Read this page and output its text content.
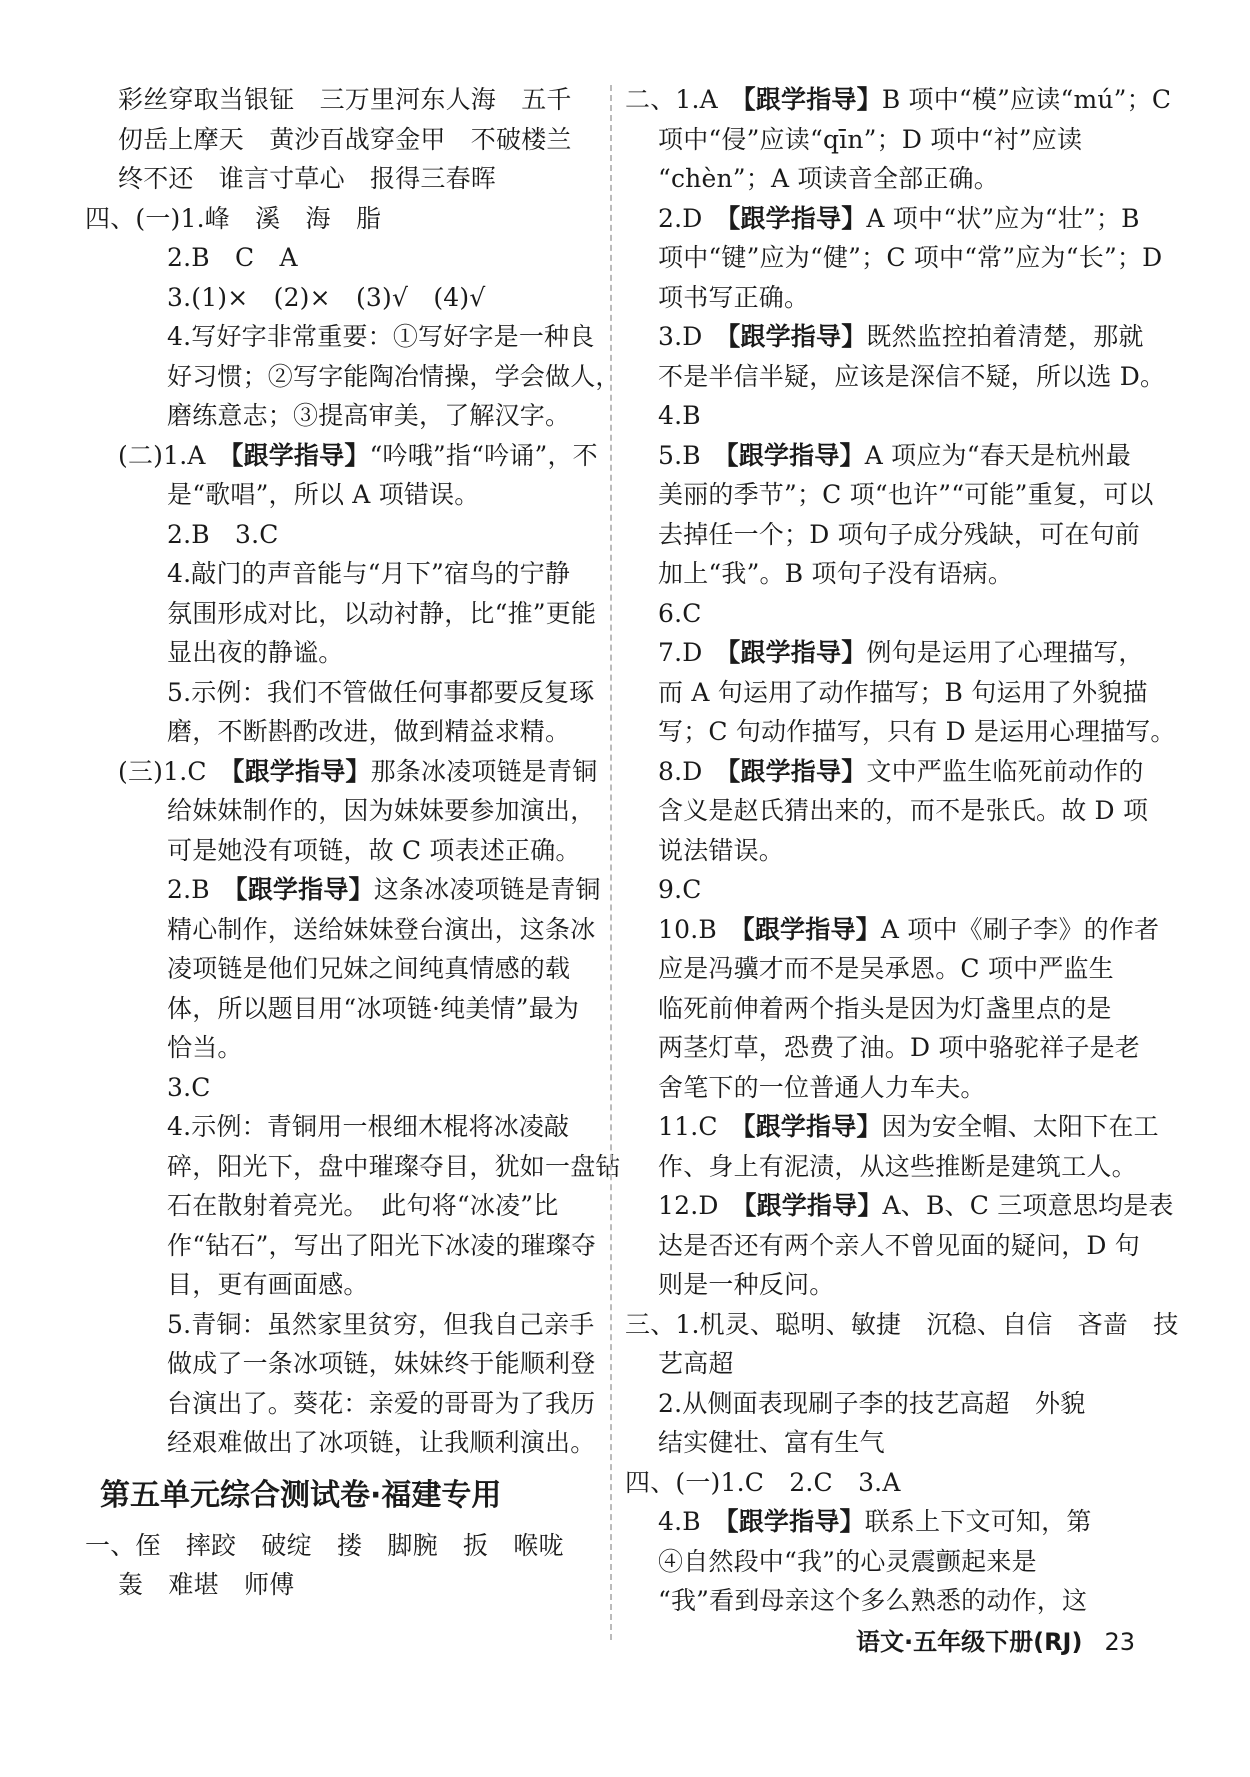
彩丝穿取当银钲　三万里河东人海　五千
仞岳上摩天　黄沙百战穿金甲　不破楼兰
终不还　谁言寸草心　报得三春晖
四、(一)1.峰　溪　海　脂
2.B　C　A
3.(1)×　(2)×　(3)√　(4)√
4.写好字非常重要：①写好字是一种良
好习惯；②写字能陶冶情操，学会做人，
磨练意志；③提高审美，了解汉字。
(二)1.A　【跟学指导】“吟哦”指“吟诵”，不
是“歌唱”，所以 A 项错误。
2.B　3.C
4.敲门的声音能与“月下”宿鸟的宁静
氛围形成对比，以动衬静，比“推”更能
显出夜的静谧。
5.示例：我们不管做任何事都要反复琢
磨，不断斟酌改进，做到精益求精。
(三)1.C　【跟学指导】那条冰凌项链是青铜
给妹妹制作的，因为妹妹要参加演出，
可是她没有项链，故 C 项表述正确。
2.B　【跟学指导】这条冰凌项链是青铜
精心制作，送给妹妹登台演出，这条冰
凌项链是他们兄妹之间纯真情感的载
体，所以题目用“冰项链·纯美情”最为
恰当。
3.C
4.示例：青铜用一根细木棍将冰凌敲
碎，阳光下，盘中璀璨夺目，犹如一盘钻
石在散射着亮光。　此句将“冰凌”比
作“钻石”，写出了阳光下冰凌的璀璨夺
目，更有画面感。
5.青铜：虽然家里贫穷，但我自己亲手
做成了一条冰项链，妹妹终于能顺利登
台演出了。葵花：亲爱的哥哥为了我历
经艰难做出了冰项链，让我顺利演出。
第五单元综合测试卷·福建专用
一、侄　摔跤　破绽　搂　脚腕　扳　喉咙
轰　难堪　师傅
二、1.A　【跟学指导】B 项中“模”应读“mú”；C
项中“侵”应读“qīn”；D 项中“衬”应读
“chèn”；A 项读音全部正确。
2.D　【跟学指导】A 项中“状”应为“壮”；B
项中“键”应为“健”；C 项中“常”应为“长”；D
项书写正确。
3.D　【跟学指导】既然监控拍着清楚，那就
不是半信半疑，应该是深信不疑，所以选 D。
4.B
5.B　【跟学指导】A 项应为“春天是杭州最
美丽的季节”；C 项“也许”“可能”重复，可以
去掉任一个；D 项句子成分残缺，可在句前
加上“我”。B 项句子没有语病。
6.C
7.D　【跟学指导】例句是运用了心理描写，
而 A 句运用了动作描写；B 句运用了外貌描
写；C 句动作描写，只有 D 是运用心理描写。
8.D　【跟学指导】文中严监生临死前动作的
含义是赵氏猜出来的，而不是张氏。故 D 项
说法错误。
9.C
10.B　【跟学指导】A 项中《刷子李》的作者
应是冯骥才而不是吴承恩。C 项中严监生
临死前伸着两个指头是因为灯盏里点的是
两茎灯草，恐费了油。D 项中骆驼祥子是老
舍笔下的一位普通人力车夫。
11.C　【跟学指导】因为安全帽、太阳下在工
作、身上有泥渍，从这些推断是建筑工人。
12.D　【跟学指导】A、B、C 三项意思均是表
达是否还有两个亲人不曾见面的疑问，D 句
则是一种反问。
三、1.机灵、聪明、敏捷　沉稳、自信　吝啬　技
艺高超
2.从侧面表现刷子李的技艺高超　外貌
结实健壮、富有生气
四、(一)1.C　2.C　3.A
4.B　【跟学指导】联系上下文可知，第
④自然段中“我”的心灵震颤起来是
“我”看到母亲这个多么熟悉的动作，这
语文·五年级下册(RJ) 23
